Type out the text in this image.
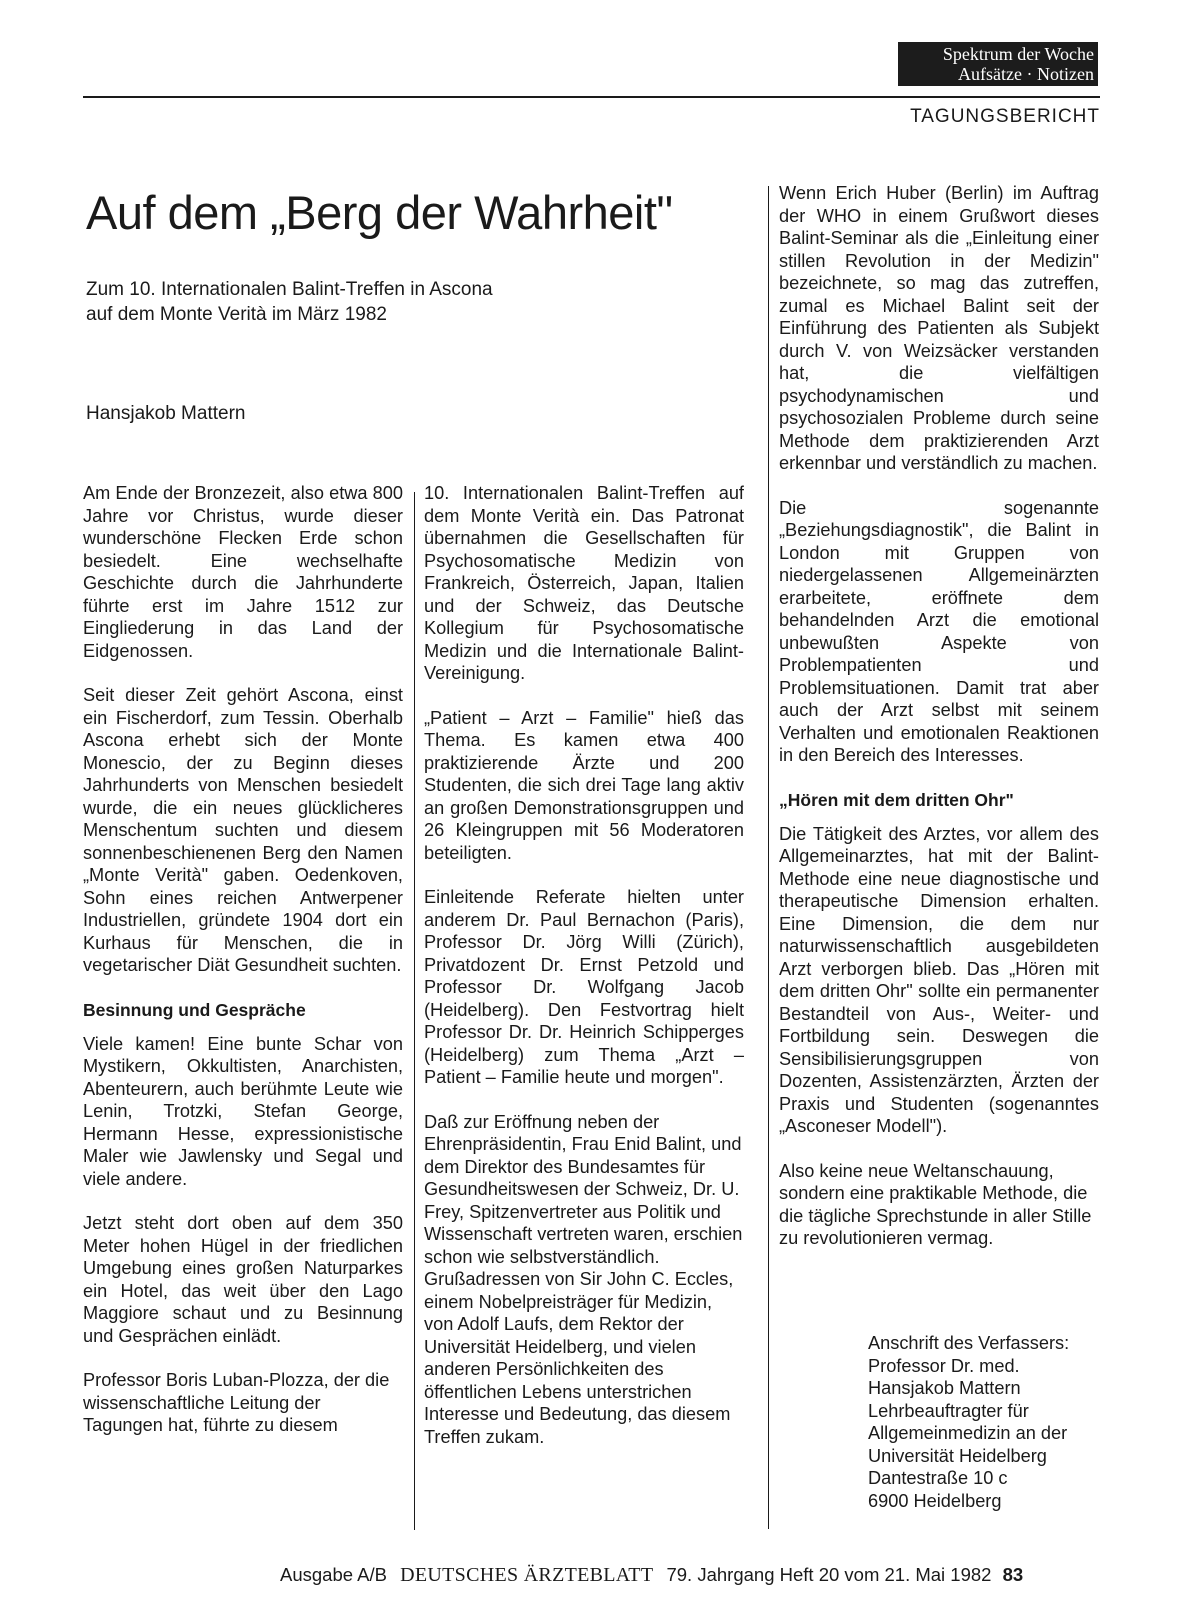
Spektrum der Woche
Aufsätze · Notizen
TAGUNGSBERICHT
Auf dem „Berg der Wahrheit"

Zum 10. Internationalen Balint-Treffen in Ascona

auf dem Monte Verità im März 1982

Hansjakob Mattern

Am Ende der Bronzezeit, also etwa 800 Jahre vor Christus, wurde dieser wunderschöne Flecken Erde schon besiedelt. Eine wechselhafte Geschichte durch die Jahrhunderte führte erst im Jahre 1512 zur Eingliederung in das Land der Eidgenossen.

Seit dieser Zeit gehört Ascona, einst ein Fischerdorf, zum Tessin. Oberhalb Ascona erhebt sich der Monte Monescio, der zu Beginn dieses Jahrhunderts von Menschen besiedelt wurde, die ein neues glücklicheres Menschentum suchten und diesem sonnenbeschienenen Berg den Namen „Monte Verità" gaben. Oedenkoven, Sohn eines reichen Antwerpener Industriellen, gründete 1904 dort ein Kurhaus für Menschen, die in vegetarischer Diät Gesundheit suchten.

Besinnung und Gespräche

Viele kamen! Eine bunte Schar von Mystikern, Okkultisten, Anarchisten, Abenteurern, auch berühmte Leute wie Lenin, Trotzki, Stefan George, Hermann Hesse, expressionistische Maler wie Jawlensky und Segal und viele andere.

Jetzt steht dort oben auf dem 350 Meter hohen Hügel in der friedlichen Umgebung eines großen Naturparkes ein Hotel, das weit über den Lago Maggiore schaut und zu Besinnung und Gesprächen einlädt.

Professor Boris Luban-Plozza, der die wissenschaftliche Leitung der Tagungen hat, führte zu diesem

10. Internationalen Balint-Treffen auf dem Monte Verità ein. Das Patronat übernahmen die Gesellschaften für Psychosomatische Medizin von Frankreich, Österreich, Japan, Italien und der Schweiz, das Deutsche Kollegium für Psychosomatische Medizin und die Internationale Balint-Vereinigung.

„Patient – Arzt – Familie" hieß das Thema. Es kamen etwa 400 praktizierende Ärzte und 200 Studenten, die sich drei Tage lang aktiv an großen Demonstrationsgruppen und 26 Kleingruppen mit 56 Moderatoren beteiligten.

Einleitende Referate hielten unter anderem Dr. Paul Bernachon (Paris), Professor Dr. Jörg Willi (Zürich), Privatdozent Dr. Ernst Petzold und Professor Dr. Wolfgang Jacob (Heidelberg). Den Festvortrag hielt Professor Dr. Dr. Heinrich Schipperges (Heidelberg) zum Thema „Arzt – Patient – Familie heute und morgen".

Daß zur Eröffnung neben der Ehrenpräsidentin, Frau Enid Balint, und dem Direktor des Bundesamtes für Gesundheitswesen der Schweiz, Dr. U. Frey, Spitzenvertreter aus Politik und Wissenschaft vertreten waren, erschien schon wie selbstverständlich. Grußadressen von Sir John C. Eccles, einem Nobelpreisträger für Medizin, von Adolf Laufs, dem Rektor der Universität Heidelberg, und vielen anderen Persönlichkeiten des öffentlichen Lebens unterstrichen Interesse und Bedeutung, das diesem Treffen zukam.

Wenn Erich Huber (Berlin) im Auftrag der WHO in einem Grußwort dieses Balint-Seminar als die „Einleitung einer stillen Revolution in der Medizin" bezeichnete, so mag das zutreffen, zumal es Michael Balint seit der Einführung des Patienten als Subjekt durch V. von Weizsäcker verstanden hat, die vielfältigen psychodynamischen und psychosozialen Probleme durch seine Methode dem praktizierenden Arzt erkennbar und verständlich zu machen.

Die sogenannte „Beziehungsdiagnostik", die Balint in London mit Gruppen von niedergelassenen Allgemeinärzten erarbeitete, eröffnete dem behandelnden Arzt die emotional unbewußten Aspekte von Problempatienten und Problemsituationen. Damit trat aber auch der Arzt selbst mit seinem Verhalten und emotionalen Reaktionen in den Bereich des Interesses.

„Hören mit dem dritten Ohr"

Die Tätigkeit des Arztes, vor allem des Allgemeinarztes, hat mit der Balint-Methode eine neue diagnostische und therapeutische Dimension erhalten. Eine Dimension, die dem nur naturwissenschaftlich ausgebildeten Arzt verborgen blieb. Das „Hören mit dem dritten Ohr" sollte ein permanenter Bestandteil von Aus-, Weiter- und Fortbildung sein. Deswegen die Sensibilisierungsgruppen von Dozenten, Assistenzärzten, Ärzten der Praxis und Studenten (sogenanntes „Asconeser Modell").

Also keine neue Weltanschauung, sondern eine praktikable Methode, die die tägliche Sprechstunde in aller Stille zu revolutionieren vermag.

Anschrift des Verfassers:
Professor Dr. med.
Hansjakob Mattern
Lehrbeauftragter für
Allgemeinmedizin an der
Universität Heidelberg
Dantestraße 10 c
6900 Heidelberg
Ausgabe A/B DEUTSCHES ÄRZTEBLATT 79. Jahrgang Heft 20 vom 21. Mai 1982 83
